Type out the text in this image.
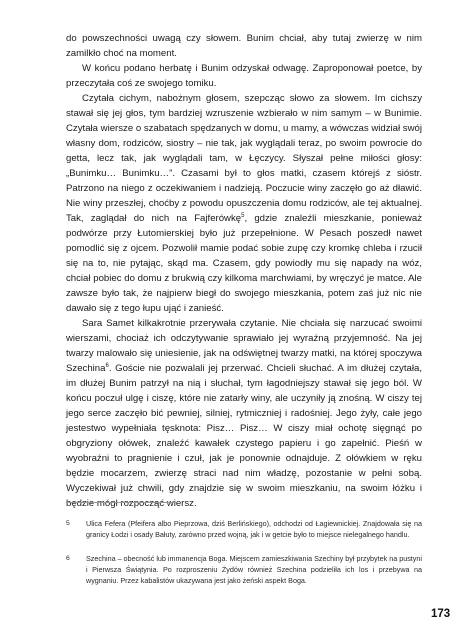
do powszechności uwagą czy słowem. Bunim chciał, aby tutaj zwierzę w nim zamilkło choć na moment.

W końcu podano herbatę i Bunim odzyskał odwagę. Zaproponował poetce, by przeczytała coś ze swojego tomiku.

Czytała cichym, nabożnym głosem, szepcząc słowo za słowem. Im cichszy stawał się jej głos, tym bardziej wzruszenie wzbierało w nim samym – w Bunimie. Czytała wiersze o szabatach spędzanych w domu, u mamy, a wówczas widział swój własny dom, rodziców, siostry – nie tak, jak wyglądali teraz, po swoim powrocie do getta, lecz tak, jak wyglądali tam, w Łęczycy. Słyszał pełne miłości głosy: „Bunimku… Bunimku…”. Czasami był to głos matki, czasem którejś z sióstr. Patrzono na niego z oczekiwaniem i nadzieją. Poczucie winy zaczęło go aż dławić. Nie winy przeszłej, choćby z powodu opuszczenia domu rodziców, ale tej aktualnej. Tak, zaglądał do nich na Fajferówkę$^5$, gdzie znaleźli mieszkanie, ponieważ podwórze przy Łutomierskiej było już przepełnione. W Pesach poszedł nawet pomodlić się z ojcem. Pozwolił mamie podać sobie zupę czy kromkę chleba i rzucił się na to, nie pytając, skąd ma. Czasem, gdy powiodły mu się napady na wóz, chciał pobiec do domu z brukwią czy kilkoma marchwiami, by wręczyć je matce. Ale zawsze było tak, że najpierw biegł do swojego mieszkania, potem zaś już nic nie dawało się z tego łupu ująć i zanieść.

Sara Samet kilkakrotnie przerywała czytanie. Nie chciała się narzucać swoimi wierszami, chociaż ich odczytywanie sprawiało jej wyraźną przyjemność. Na jej twarzy malowało się uniesienie, jak na odświętnej twarzy matki, na której spoczywa Szechina$^6$. Goście nie pozwalali jej przerwać. Chcieli słuchać. A im dłużej czytała, im dłużej Bunim patrzył na nią i słuchał, tym łagodniejszy stawał się jego ból. W końcu poczuł ulgę i ciszę, które nie zatarły winy, ale uczyniły ją znośną. W ciszy tej jego serce zaczęło bić pewniej, silniej, rytmiczniej i radośniej. Jego żyły, całe jego jestestwo wypełniała tęsknota: Pisz… Pisz… W ciszy miał ochotę sięgnąć po obgryziony ołówek, znaleźć kawałek czystego papieru i go zapełnić. Pieśń w wyobraźni to pragnienie i czuł, jak je ponownie odnajduje. Z ołówkiem w ręku będzie mocarzem, zwierzę straci nad nim władzę, pozostanie w pełni sobą. Wyczekiwał już chwili, gdy znajdzie się w swoim mieszkaniu, na swoim łóżku i będzie mógł rozpocząć wiersz.

5	Ulica Fefera (Pfeifera albo Pieprzowa, dziś Berlińskiego), odchodzi od Łagiewnickiej. Znajdowała się na granicy Łodzi i osady Bałuty, zarówno przed wojną, jak i w getcie było to miejsce nielegalnego handlu.
6	Szechina – obecność lub immanencja Boga. Miejscem zamieszkiwania Szechiny był przybytek na pustyni i Pierwsza Świątynia. Po rozproszeniu Żydów również Szechina podzieliła ich los i przebywa na wygnaniu. Przez kabalistów ukazywana jest jako żeński aspekt Boga.
173
